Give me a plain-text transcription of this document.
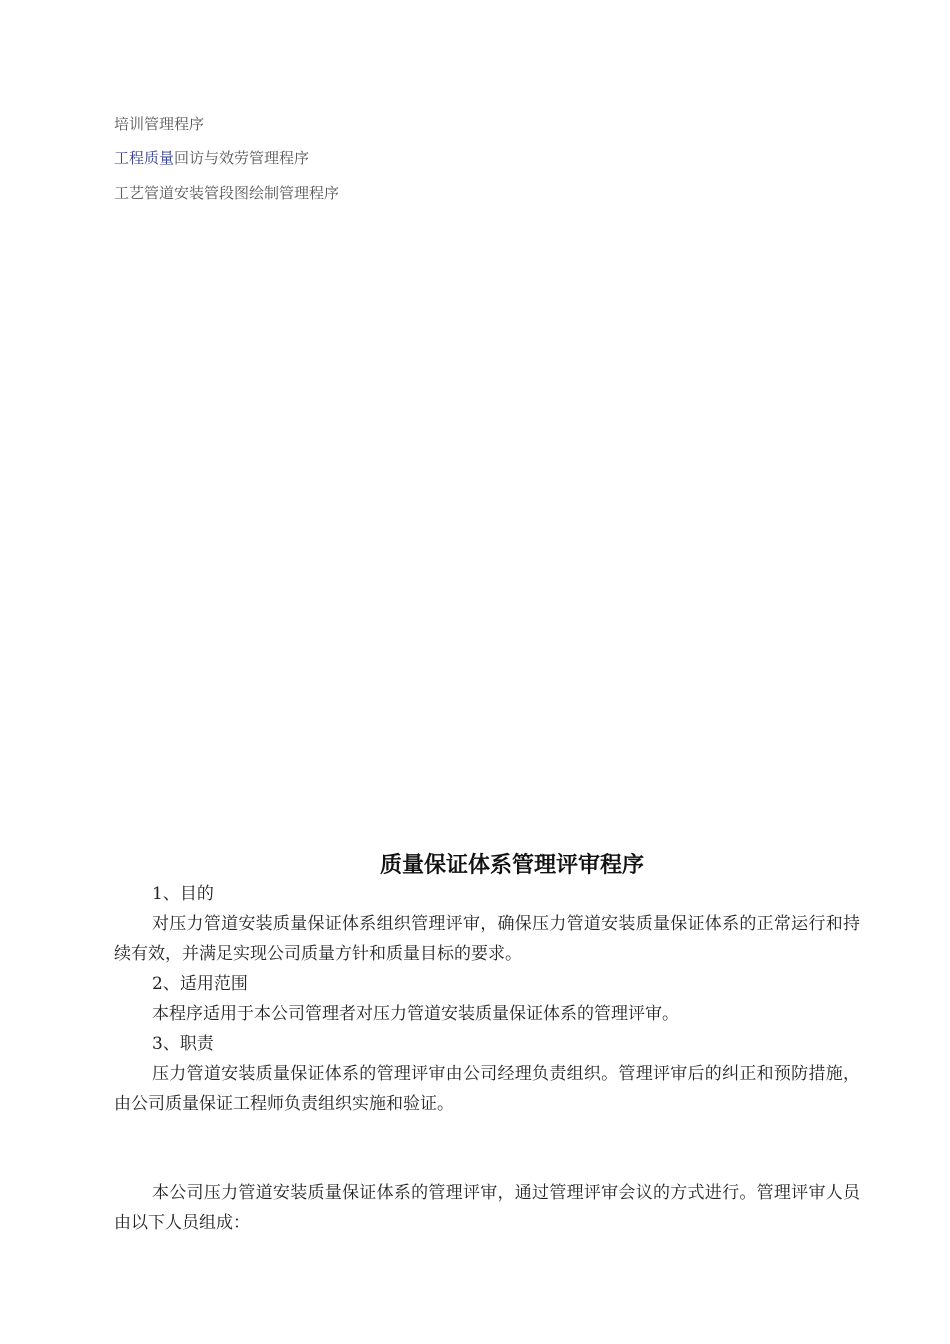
培训管理程序
工程质量回访与效劳管理程序
工艺管道安装管段图绘制管理程序
质量保证体系管理评审程序

1、目的

对压力管道安装质量保证体系组织管理评审，确保压力管道安装质量保证体系的正常运行和持续有效，并满足实现公司质量方针和质量目标的要求。

2、适用范围

本程序适用于本公司管理者对压力管道安装质量保证体系的管理评审。

3、职责

压力管道安装质量保证体系的管理评审由公司经理负责组织。管理评审后的纠正和预防措施，由公司质量保证工程师负责组织实施和验证。

本公司压力管道安装质量保证体系的管理评审，通过管理评审会议的方式进行。管理评审人员由以下人员组成：
